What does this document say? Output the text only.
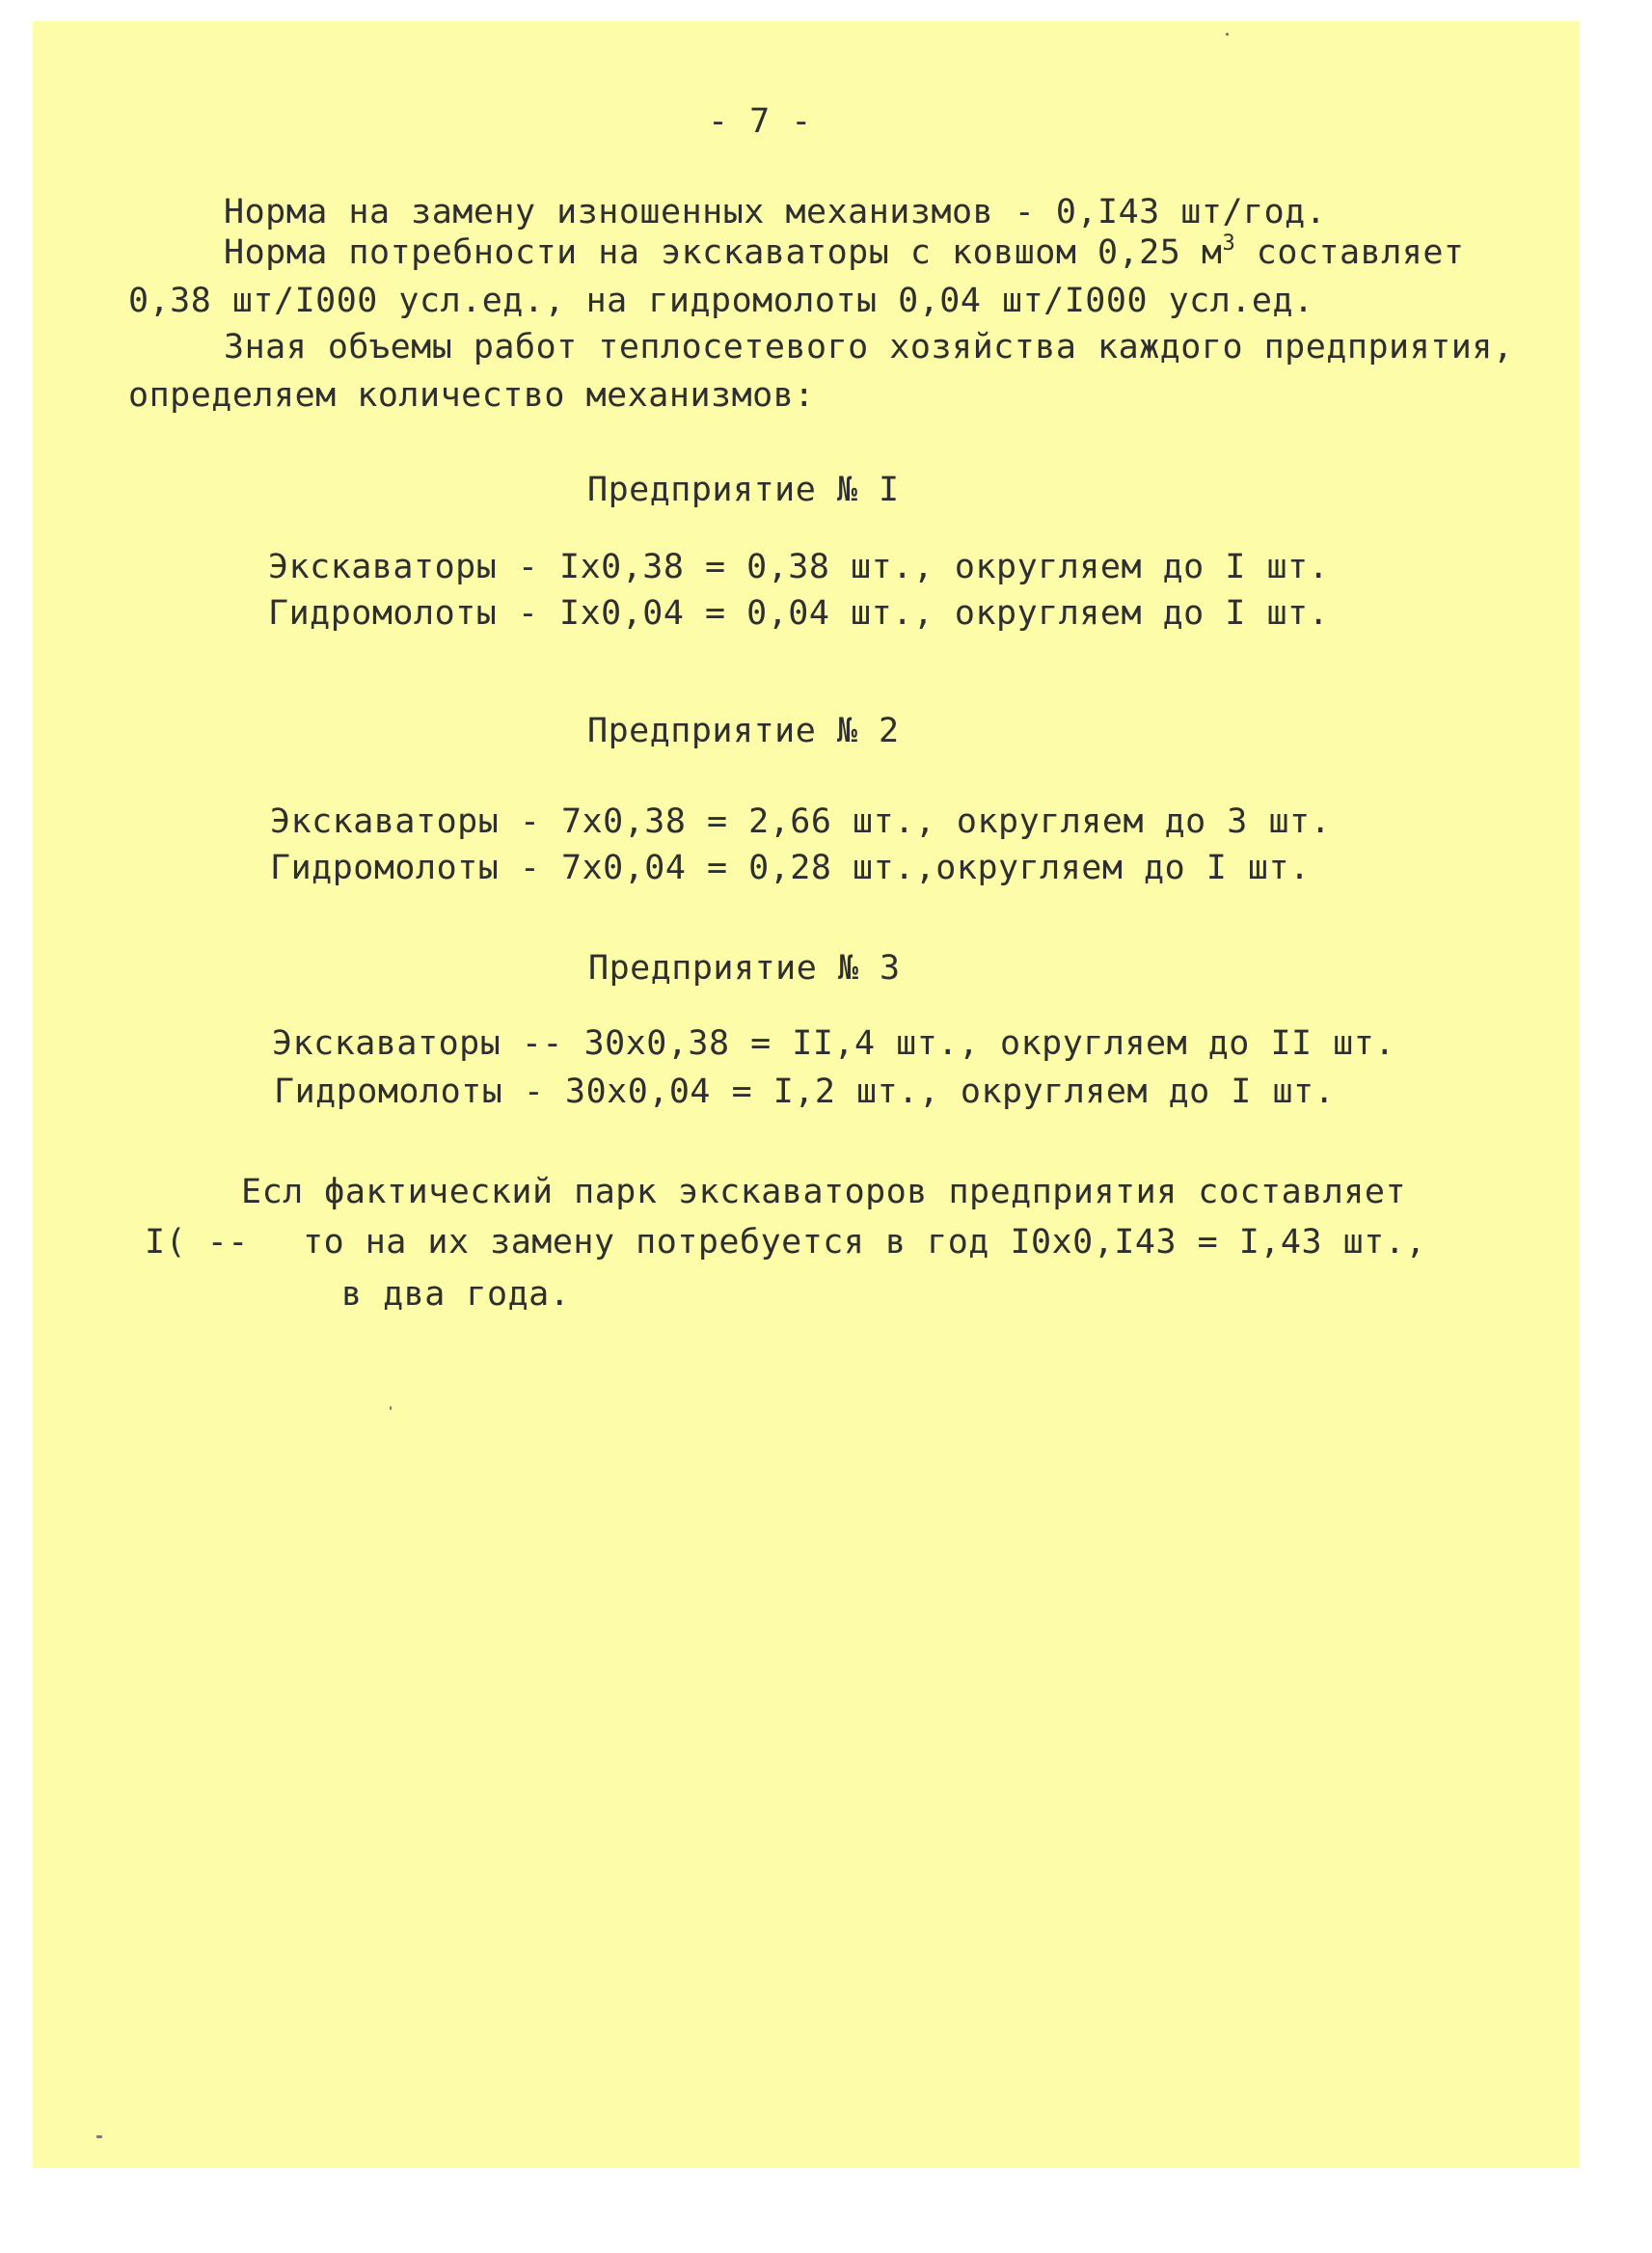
- 7 -
Норма на замену изношенных механизмов - 0,I43 шт/год.
Норма потребности на экскаваторы с ковшом 0,25 $м^3$ составляет
0,38 шт/I000 усл.ед., на гидромолоты 0,04 шт/I000 усл.ед.
Зная объемы работ теплосетевого хозяйства каждого предприятия,
определяем количество механизмов:
Предприятие № I
Экскаваторы - Iх0,38 = 0,38 шт., округляем до I шт.
Гидромолоты - Iх0,04 = 0,04 шт., округляем до I шт.
Предприятие № 2
Экскаваторы - 7х0,38 = 2,66 шт., округляем до 3 шт.
Гидромолоты - 7х0,04 = 0,28 шт.,округляем до I шт.
Предприятие № 3
Экскаваторы -- 30х0,38 = II,4 шт., округляем до II шт.
Гидромолоты - 30х0,04 = I,2 шт., округляем до I шт.
Есл фактический парк экскаваторов предприятия составляет
I( -- то на их замену потребуется в год I0х0,I43 = I,43 шт.,
в два года.
